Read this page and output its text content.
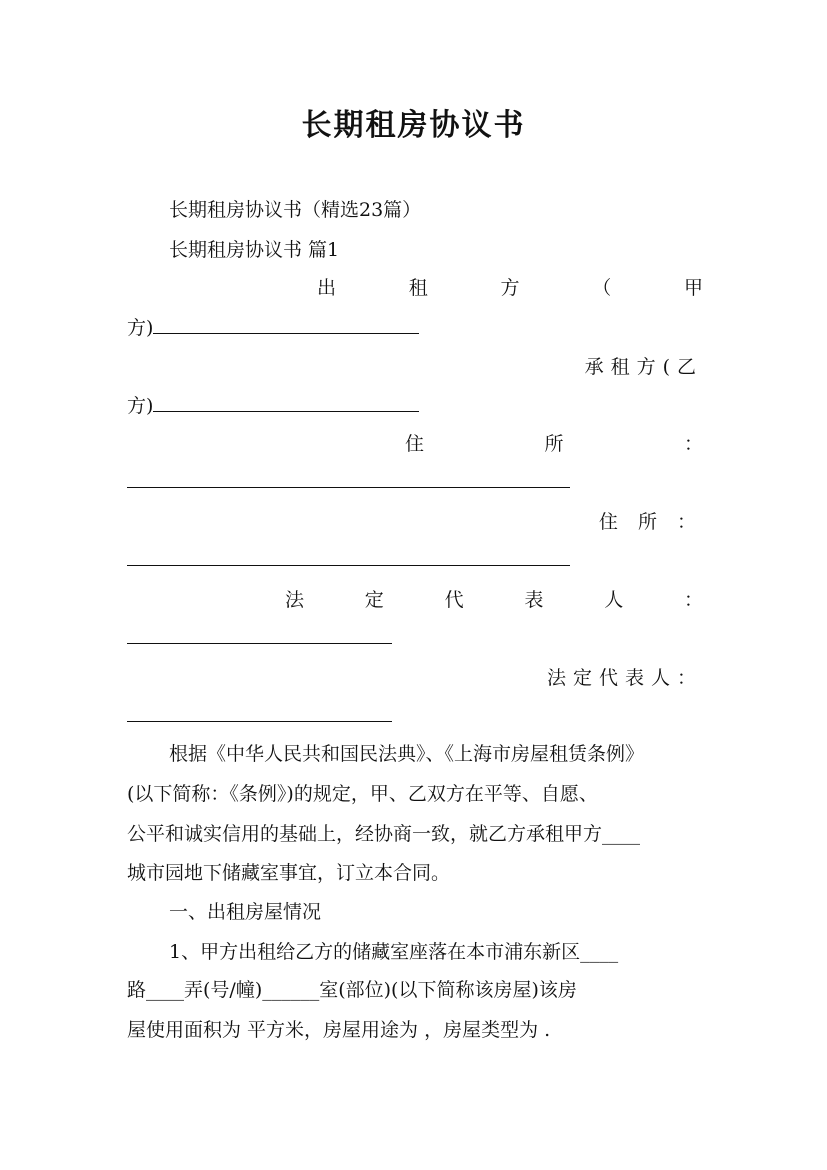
长期租房协议书
长期租房协议书（精选23篇）
长期租房协议书 篇1
出	租	方	（	甲
方)
承租方(乙
方)
住	所	：
住 所 ：
法	定	代	表	人	：
法定代表人：
根据《中华人民共和国民法典》、《上海市房屋租赁条例》
(以下简称：《条例》)的规定，甲、乙双方在平等、自愿、
公平和诚实信用的基础上，经协商一致，就乙方承租甲方____
城市园地下储藏室事宜，订立本合同。
一、出租房屋情况
1、甲方出租给乙方的储藏室座落在本市浦东新区____
路____弄(号/幢)______室(部位)(以下简称该房屋)该房
屋使用面积为 平方米，房屋用途为 ，房屋类型为 .
